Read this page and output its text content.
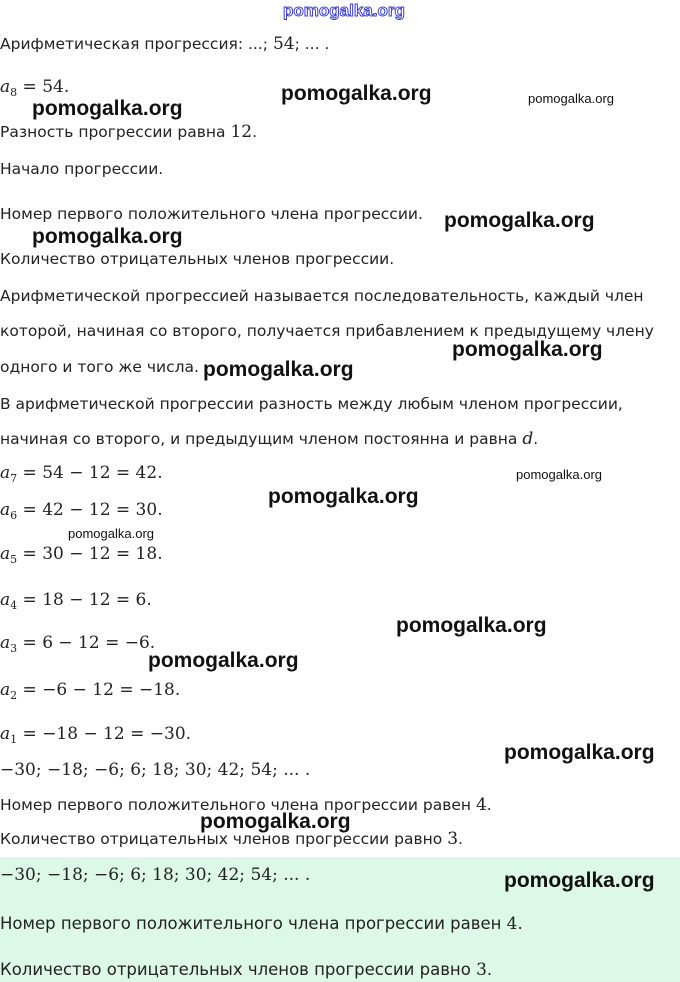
pomogalka.org
Арифметическая прогрессия: ...; 54; ... .
$a_8 = 54$.
Разность прогрессии равна 12.
Начало прогрессии.
Номер первого положительного члена прогрессии.
Количество отрицательных членов прогрессии.
Арифметической прогрессией называется последовательность, каждый член
которой, начиная со второго, получается прибавлением к предыдущему члену
одного и того же числа.
В арифметической прогрессии разность между любым членом прогрессии,
начиная со второго, и предыдущим членом постоянна и равна d.
$a_7 = 54 - 12 = 42$.
$a_6 = 42 - 12 = 30$.
$a_5 = 30 - 12 = 18$.
$a_4 = 18 - 12 = 6$.
$a_3 = 6 - 12 = -6$.
$a_2 = -6 - 12 = -18$.
$a_1 = -18 - 12 = -30$.
−30; −18; −6; 6; 18; 30; 42; 54; ... .
Номер первого положительного члена прогрессии равен 4.
Количество отрицательных членов прогрессии равно 3.
−30; −18; −6; 6; 18; 30; 42; 54; ... .
Номер первого положительного члена прогрессии равен 4.
Количество отрицательных членов прогрессии равно 3.
pomogalka.org
pomogalka.org	pomogalka.org
pomogalka.org
pomogalka.org
pomogalka.org
pomogalka.org
pomogalka.org
pomogalka.org
pomogalka.org
pomogalka.org
pomogalka.org
pomogalka.org
pomogalka.org
pomogalka.org
